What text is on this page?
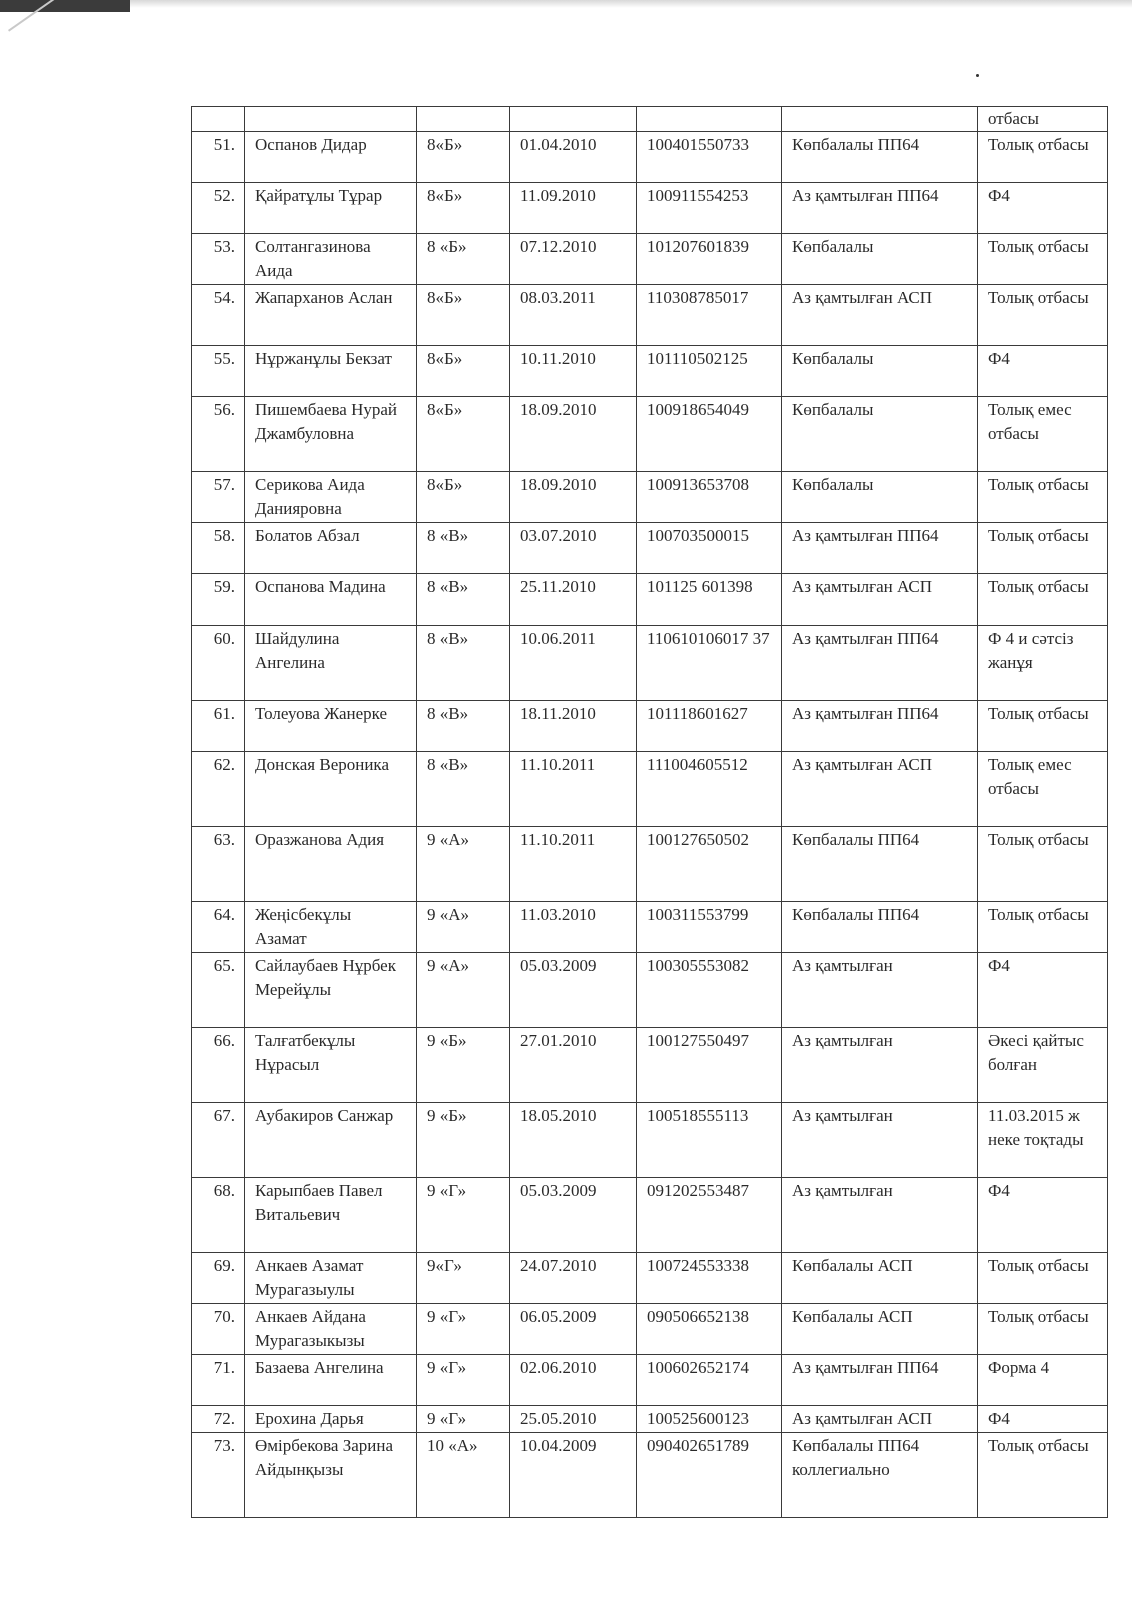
						отбасы
51.	Оспанов Дидар	8«Б»	01.04.2010	100401550733	Көпбалалы ПП64	Толық отбасы
52.	Қайратұлы Тұрар	8«Б»	11.09.2010	100911554253	Аз қамтылған ПП64	Ф4
53.	Солтангазинова Аида	8 «Б»	07.12.2010	101207601839	Көпбалалы	Толық отбасы
54.	Жапарханов Аслан	8«Б»	08.03.2011	110308785017	Аз қамтылған АСП	Толық отбасы
55.	Нұржанұлы Бекзат	8«Б»	10.11.2010	101110502125	Көпбалалы	Ф4
56.	Пишембаева Нурай Джамбуловна	8«Б»	18.09.2010	100918654049	Көпбалалы	Толық емес отбасы
57.	Серикова Аида Данияровна	8«Б»	18.09.2010	100913653708	Көпбалалы	Толық отбасы
58.	Болатов Абзал	8 «В»	03.07.2010	100703500015	Аз қамтылған ПП64	Толық отбасы
59.	Оспанова Мадина	8 «В»	25.11.2010	101125 601398	Аз қамтылған АСП	Толық отбасы
60.	Шайдулина Ангелина	8 «В»	10.06.2011	110610106017 37	Аз қамтылған ПП64	Ф 4 и сәтсіз жанұя
61.	Толеуова Жанерке	8 «В»	18.11.2010	101118601627	Аз қамтылған ПП64	Толық отбасы
62.	Донская Вероника	8 «В»	11.10.2011	111004605512	Аз қамтылған АСП	Толық емес отбасы
63.	Оразжанова Адия	9 «А»	11.10.2011	100127650502	Көпбалалы ПП64	Толық отбасы
64.	Жеңісбекұлы Азамат	9 «А»	11.03.2010	100311553799	Көпбалалы ПП64	Толық отбасы
65.	Сайлаубаев Нұрбек Мерейұлы	9 «А»	05.03.2009	100305553082	Аз қамтылған	Ф4
66.	Талғатбекұлы Нұрасыл	9 «Б»	27.01.2010	100127550497	Аз қамтылған	Әкесі қайтыс болған
67.	Аубакиров Санжар	9 «Б»	18.05.2010	100518555113	Аз қамтылған	11.03.2015 ж неке тоқтады
68.	Карыпбаев Павел Витальевич	9 «Г»	05.03.2009	091202553487	Аз қамтылған	Ф4
69.	Анкаев Азамат Мурагазыулы	9«Г»	24.07.2010	100724553338	Көпбалалы АСП	Толық отбасы
70.	Анкаев Айдана Мурагазыкызы	9 «Г»	06.05.2009	090506652138	Көпбалалы АСП	Толық отбасы
71.	Базаева Ангелина	9 «Г»	02.06.2010	100602652174	Аз қамтылған ПП64	Форма 4
72.	Ерохина Дарья	9 «Г»	25.05.2010	100525600123	Аз қамтылған АСП	Ф4
73.	Өмірбекова Зарина Айдынқызы	10 «А»	10.04.2009	090402651789	Көпбалалы ПП64 коллегиально	Толық отбасы
